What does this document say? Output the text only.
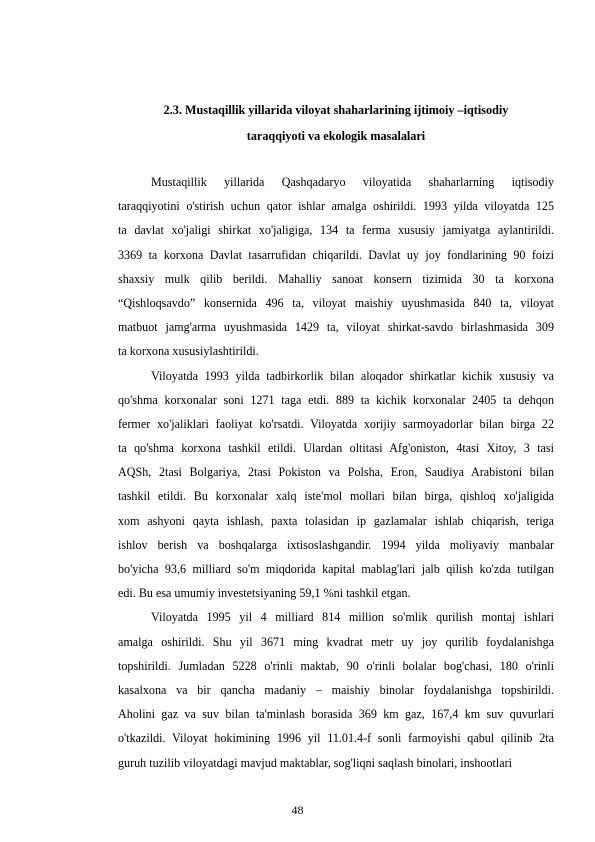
2.3. Mustaqillik yillarida viloyat shaharlarining ijtimoiy –iqtisodiy
taraqqiyoti va ekologik masalalari
Mustaqillik yillarida Qashqadaryo viloyatida shaharlarning iqtisodiy
taraqqiyotini o'stirish uchun qator ishlar amalga oshirildi. 1993 yilda viloyatda 125
ta davlat xo'jaligi shirkat xo'jaligiga, 134 ta ferma xususiy jamiyatga aylantirildi.
3369 ta korxona Davlat tasarrufidan chiqarildi. Davlat uy joy fondlarining 90 foizi
shaxsiy mulk qilib berildi. Mahalliy sanoat konsern tizimida 30 ta korxona
“Qishloqsavdo” konsernida 496 ta, viloyat maishiy uyushmasida 840 ta, viloyat
matbuot jamg'arma uyushmasida 1429 ta, viloyat shirkat-savdo birlashmasida 309
ta korxona xususiylashtirildi.
Viloyatda 1993 yilda tadbirkorlik bilan aloqador shirkatlar kichik xususiy va
qo'shma korxonalar soni 1271 taga etdi. 889 ta kichik korxonalar 2405 ta dehqon
fermer xo'jaliklari faoliyat ko'rsatdi. Viloyatda xorijiy sarmoyadorlar bilan birga 22
ta qo'shma korxona tashkil etildi. Ulardan oltitasi Afg'oniston, 4tasi Xitoy, 3 tasi
AQSh, 2tasi Bolgariya, 2tasi Pokiston va Polsha, Eron, Saudiya Arabistoni bilan
tashkil etildi. Bu korxonalar xalq iste'mol mollari bilan birga, qishloq xo'jaligida
xom ashyoni qayta ishlash, paxta tolasidan ip gazlamalar ishlab chiqarish, teriga
ishlov berish va boshqalarga ixtisoslashgandir. 1994 yilda moliyaviy manbalar
bo'yicha 93,6 milliard so'm miqdorida kapital mablag'lari jalb qilish ko'zda tutilgan
edi. Bu esa umumiy investetsiyaning 59,1 %ni tashkil etgan.
Viloyatda 1995 yil 4 milliard 814 million so'mlik qurilish montaj ishlari
amalga oshirildi. Shu yil 3671 ming kvadrat metr uy joy qurilib foydalanishga
topshirildi. Jumladan 5228 o'rinli maktab, 90 o'rinli bolalar bog'chasi, 180 o'rinli
kasalxona va bir qancha madaniy – maishiy binolar foydalanishga topshirildi.
Aholini gaz va suv bilan ta'minlash borasida 369 km gaz, 167,4 km suv quvurlari
o'tkazildi. Viloyat hokimining 1996 yil 11.01.4-f sonli farmoyishi qabul qilinib 2ta
guruh tuzilib viloyatdagi mavjud maktablar, sog'liqni saqlash binolari, inshootlari
48
